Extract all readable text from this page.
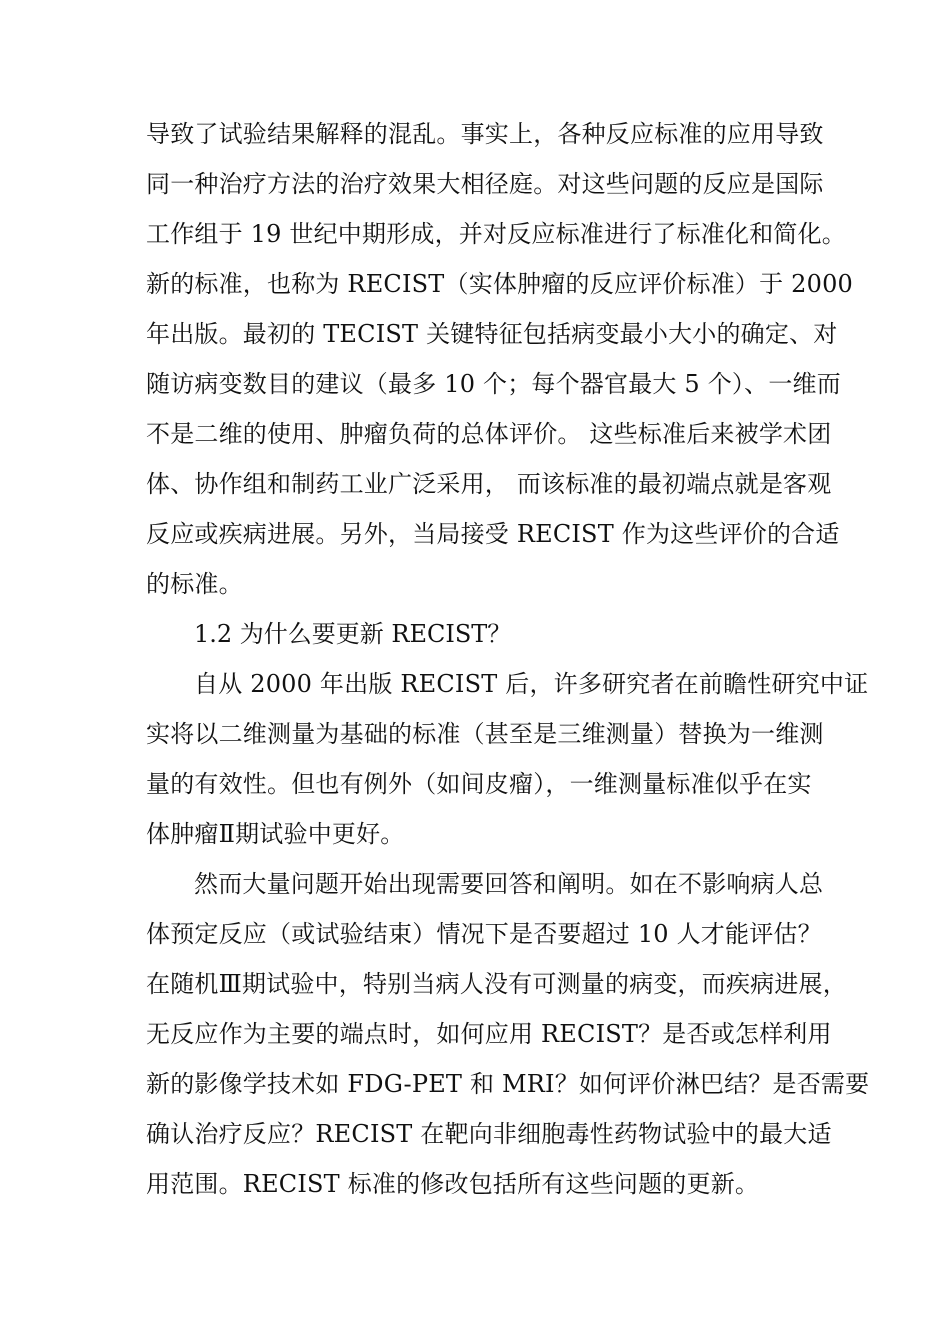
导致了试验结果解释的混乱。事实上，各种反应标准的应用导致
同一种治疗方法的治疗效果大相径庭。对这些问题的反应是国际
工作组于 19 世纪中期形成，并对反应标准进行了标准化和简化。
新的标准，也称为 RECIST（实体肿瘤的反应评价标准）于 2000
年出版。最初的 TECIST 关键特征包括病变最小大小的确定、对
随访病变数目的建议（最多 10 个；每个器官最大 5 个）、一维而
不是二维的使用、肿瘤负荷的总体评价。 这些标准后来被学术团
体、协作组和制药工业广泛采用， 而该标准的最初端点就是客观
反应或疾病进展。另外，当局接受 RECIST 作为这些评价的合适
的标准。
1.2 为什么要更新 RECIST？
自从 2000 年出版 RECIST 后，许多研究者在前瞻性研究中证
实将以二维测量为基础的标准（甚至是三维测量）替换为一维测
量的有效性。但也有例外（如间皮瘤），一维测量标准似乎在实
体肿瘤Ⅱ期试验中更好。
然而大量问题开始出现需要回答和阐明。如在不影响病人总
体预定反应（或试验结束）情况下是否要超过 10 人才能评估？
在随机Ⅲ期试验中，特别当病人没有可测量的病变，而疾病进展，
无反应作为主要的端点时，如何应用 RECIST？是否或怎样利用
新的影像学技术如 FDG-PET 和 MRI？如何评价淋巴结？是否需要
确认治疗反应？RECIST 在靶向非细胞毒性药物试验中的最大适
用范围。RECIST 标准的修改包括所有这些问题的更新。
